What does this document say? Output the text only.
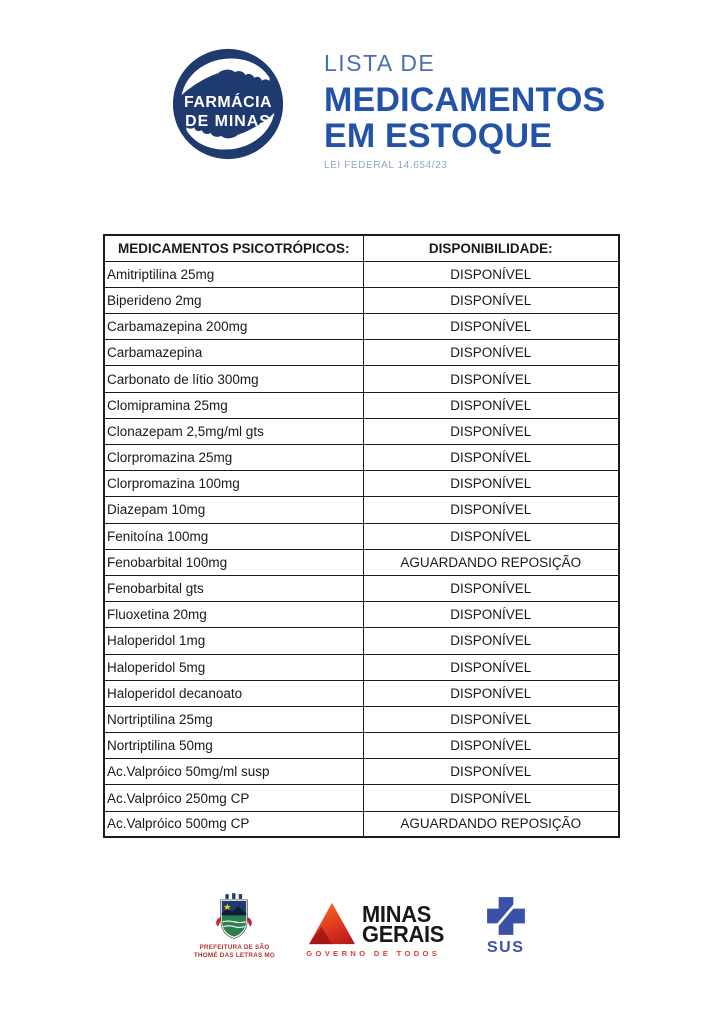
FARMÁCIA
DE MINAS
LISTA DE
MEDICAMENTOS
EM ESTOQUE
LEI FEDERAL 14.654/23
MEDICAMENTOS PSICOTRÓPICOS:	DISPONIBILIDADE:
Amitriptilina 25mg	DISPONÍVEL
Biperideno 2mg	DISPONÍVEL
Carbamazepina 200mg	DISPONÍVEL
Carbamazepina	DISPONÍVEL
Carbonato de lítio 300mg	DISPONÍVEL
Clomipramina 25mg	DISPONÍVEL
Clonazepam 2,5mg/ml gts	DISPONÍVEL
Clorpromazina 25mg	DISPONÍVEL
Clorpromazina 100mg	DISPONÍVEL
Diazepam 10mg	DISPONÍVEL
Fenitoína 100mg	DISPONÍVEL
Fenobarbital 100mg	AGUARDANDO REPOSIÇÃO
Fenobarbital gts	DISPONÍVEL
Fluoxetina 20mg	DISPONÍVEL
Haloperidol 1mg	DISPONÍVEL
Haloperidol 5mg	DISPONÍVEL
Haloperidol decanoato	DISPONÍVEL
Nortriptilina 25mg	DISPONÍVEL
Nortriptilina 50mg	DISPONÍVEL
Ac.Valpróico 50mg/ml susp	DISPONÍVEL
Ac.Valpróico 250mg CP	DISPONÍVEL
Ac.Valpróico 500mg CP	AGUARDANDO REPOSIÇÃO
PREFEITURA DE SÃO
THOMÉ DAS LETRAS MG
MINAS
GERAIS
GOVERNO DE TODOS	SUS
